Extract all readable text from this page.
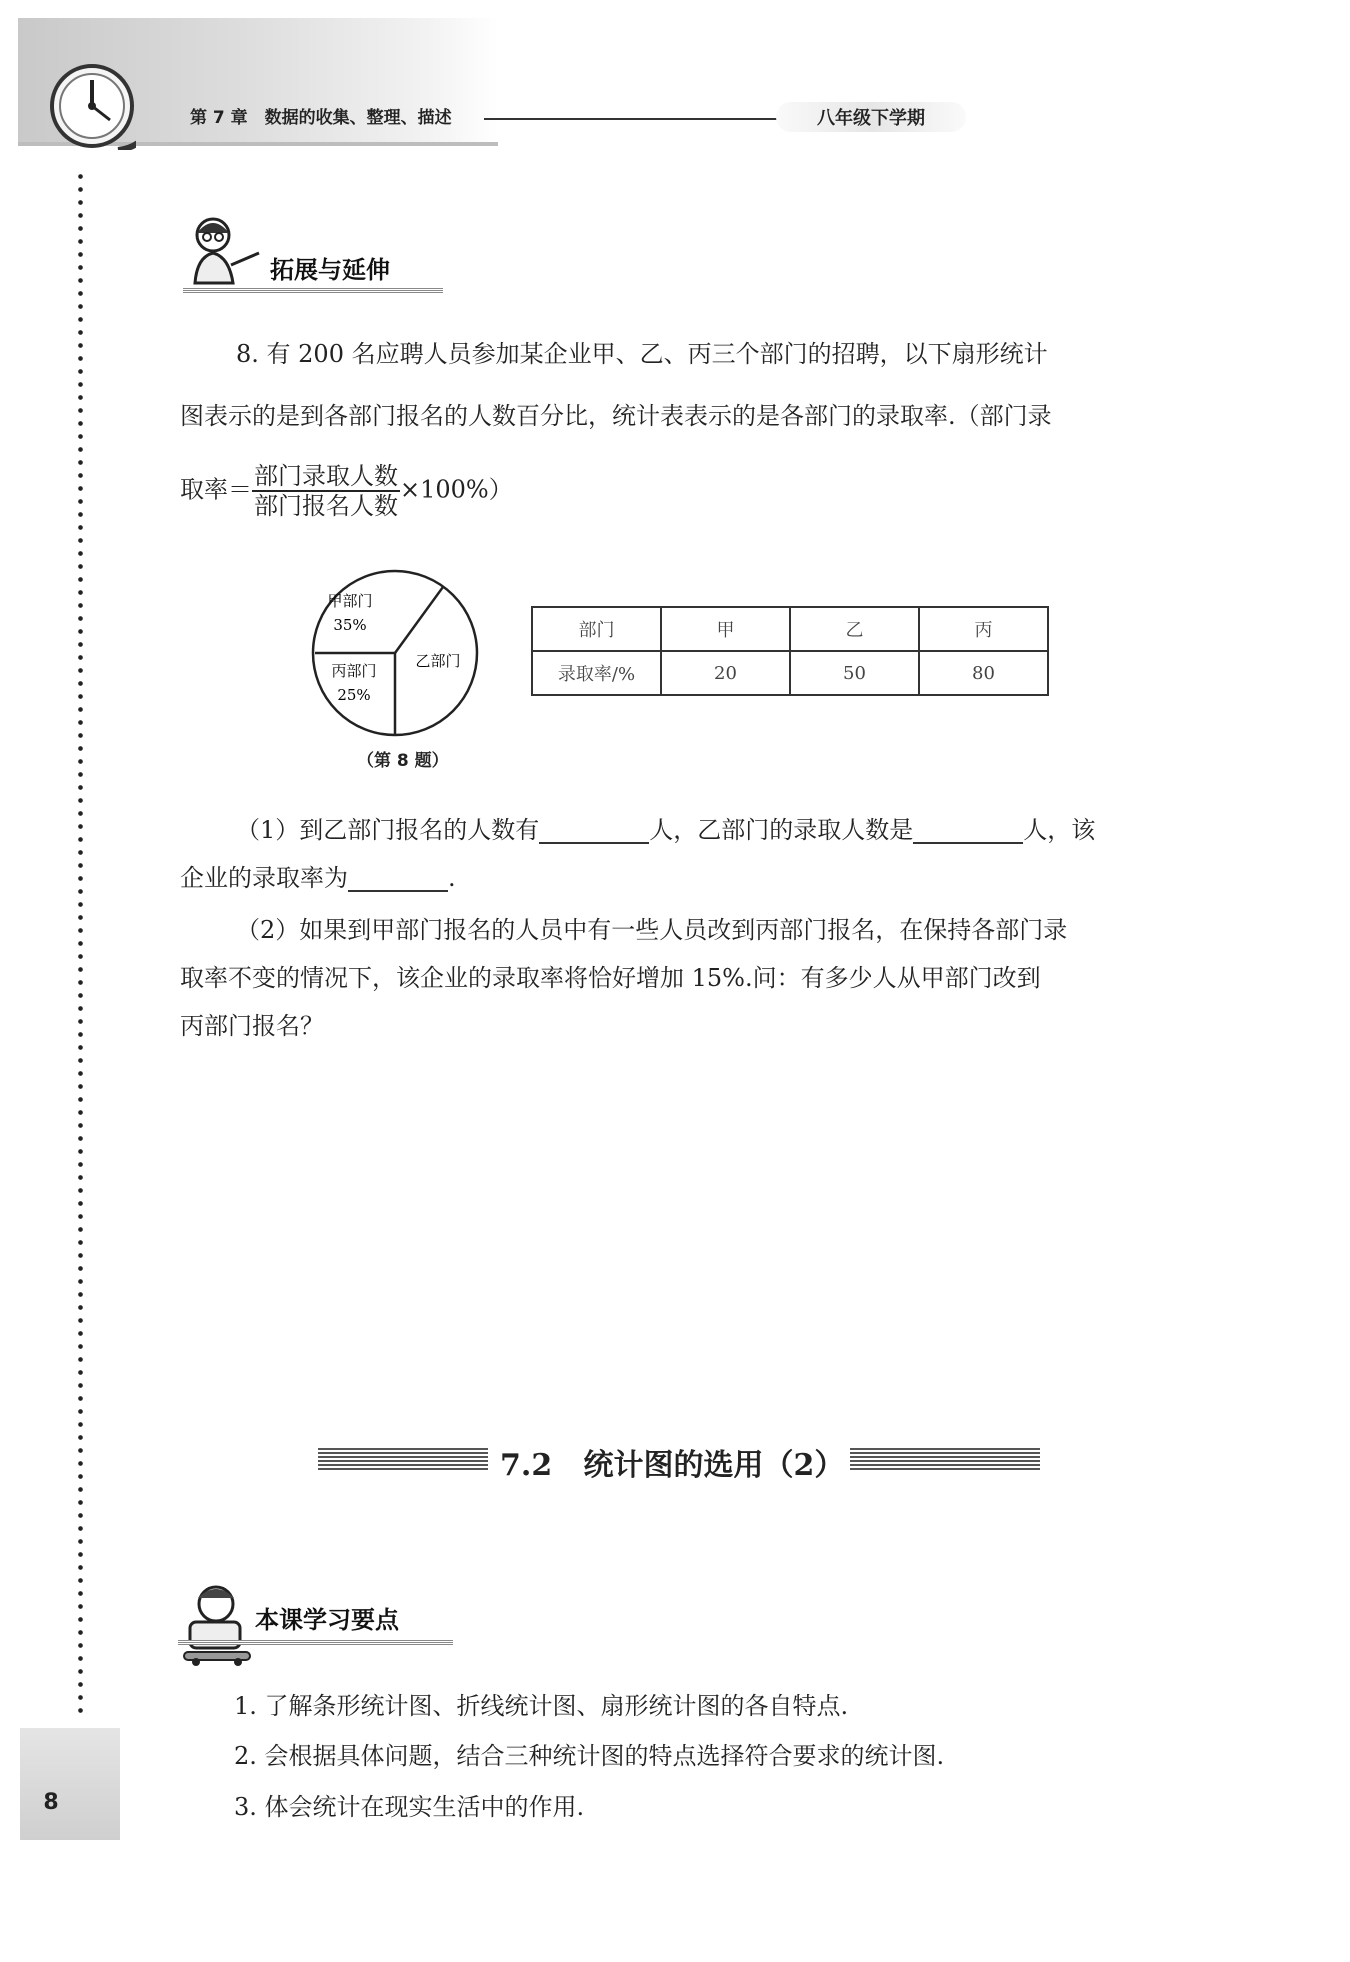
第 7 章　数据的收集、整理、描述	八年级下学期
拓展与延伸
8. 有 200 名应聘人员参加某企业甲、乙、丙三个部门的招聘，以下扇形统计
图表示的是到各部门报名的人数百分比，统计表表示的是各部门的录取率.（部门录
取率＝ $\frac{\text{部门录取人数}}{\text{部门报名人数}} \times 100\%$）
甲部门
35%
乙部门
丙部门
25%
部门	甲	乙	丙
录取率/%	20	50	80
（第 8 题）
（1）到乙部门报名的人数有	人，乙部门的录取人数是	人，该
企业的录取率为	.
（2）如果到甲部门报名的人员中有一些人员改到丙部门报名，在保持各部门录
取率不变的情况下，该企业的录取率将恰好增加 15%.问：有多少人从甲部门改到
丙部门报名？
7.2 统计图的选用（2）
本课学习要点
1. 了解条形统计图、折线统计图、扇形统计图的各自特点.
2. 会根据具体问题，结合三种统计图的特点选择符合要求的统计图.
3. 体会统计在现实生活中的作用.
8
